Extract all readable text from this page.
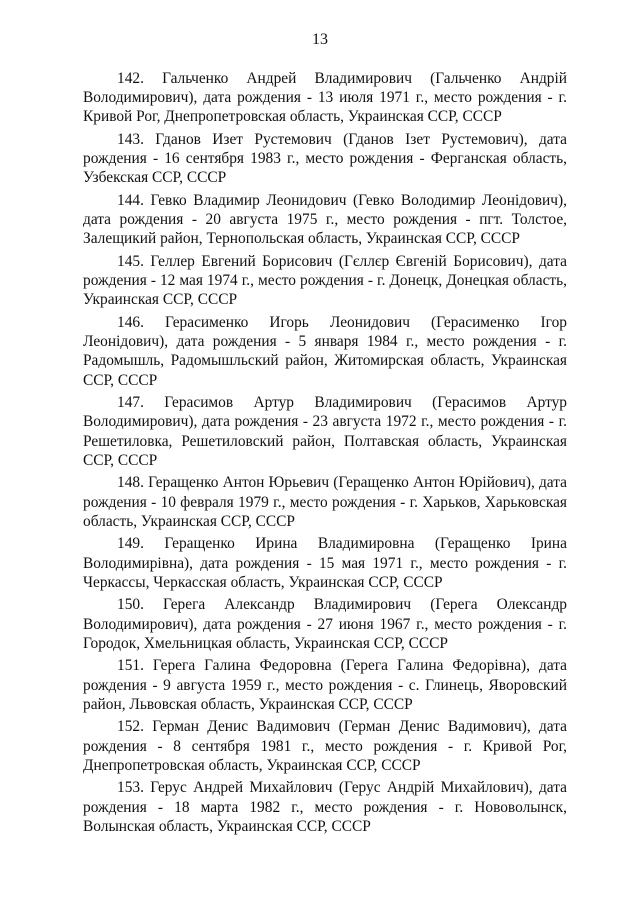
13

142. Гальченко Андрей Владимирович (Гальченко Андрій Володимирович), дата рождения - 13 июля 1971 г., место рождения - г. Кривой Рог, Днепропетровская область, Украинская ССР, СССР

143. Гданов Изет Рустемович (Гданов Ізет Рустемович), дата рождения - 16 сентября 1983 г., место рождения - Ферганская область, Узбекская ССР, СССР

144. Гевко Владимир Леонидович (Гевко Володимир Леонідович), дата рождения - 20 августа 1975 г., место рождения - пгт. Толстое, Залещикий район, Тернопольская область, Украинская ССР, СССР

145. Геллер Евгений Борисович (Гєллєр Євгеній Борисович), дата рождения - 12 мая 1974 г., место рождения - г. Донецк, Донецкая область, Украинская ССР, СССР

146. Герасименко Игорь Леонидович (Герасименко Ігор Леонідович), дата рождения - 5 января 1984 г., место рождения - г. Радомышль, Радомышльский район, Житомирская область, Украинская ССР, СССР

147. Герасимов Артур Владимирович (Герасимов Артур Володимирович), дата рождения - 23 августа 1972 г., место рождения - г. Решетиловка, Решетиловский район, Полтавская область, Украинская ССР, СССР

148. Геращенко Антон Юрьевич (Геращенко Антон Юрійович), дата рождения - 10 февраля 1979 г., место рождения - г. Харьков, Харьковская область, Украинская ССР, СССР

149. Геращенко Ирина Владимировна (Геращенко Ірина Володимирівна), дата рождения - 15 мая 1971 г., место рождения - г. Черкассы, Черкасская область, Украинская ССР, СССР

150. Герега Александр Владимирович (Герега Олександр Володимирович), дата рождения - 27 июня 1967 г., место рождения - г. Городок, Хмельницкая область, Украинская ССР, СССР

151. Герега Галина Федоровна (Герега Галина Федорівна), дата рождения - 9 августа 1959 г., место рождения - с. Глинець, Яворовский район, Львовская область, Украинская ССР, СССР

152. Герман Денис Вадимович (Герман Денис Вадимович), дата рождения - 8 сентября 1981 г., место рождения - г. Кривой Рог, Днепропетровская область, Украинская ССР, СССР

153. Герус Андрей Михайлович (Герус Андрій Михайлович), дата рождения - 18 марта 1982 г., место рождения - г. Нововолынск, Волынская область, Украинская ССР, СССР
